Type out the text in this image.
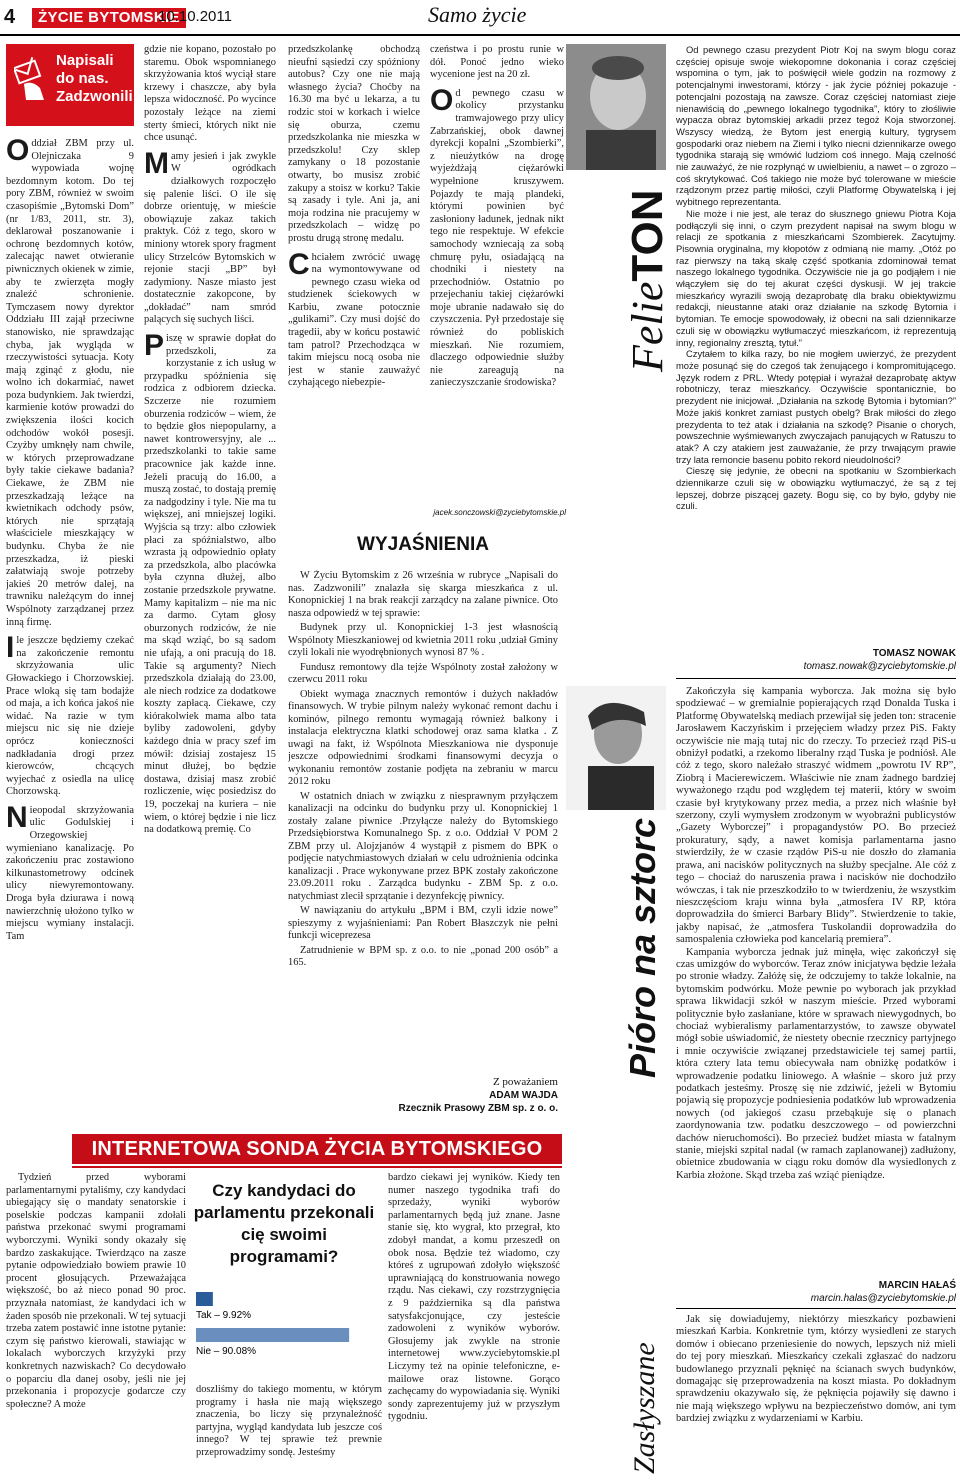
4	ŻYCIE BYTOMSKIE
10.10.2011	Samo życie
Napisali
do nas.
Zadzwonili

Oddział ZBM przy ul. Olejniczaka 9 wypowiada wojnę bezdomnym kotom. Do tej pory ZBM, również w swoim czasopiśmie „Bytomski Dom” (nr 1/83, 2011, str. 3), deklarował poszanowanie i ochronę bezdomnych kotów, zalecając nawet otwieranie piwnicznych okienek w zimie, aby te zwierzęta mogły znaleźć schronienie. Tymczasem nowy dyrektor Oddziału III zajął przeciwne stanowisko, nie sprawdzając chyba, jak wygląda w rzeczywistości sytuacja. Koty mają zginąć z głodu, nie wolno ich dokarmiać, nawet poza budynkiem. Jak twierdzi, karmienie kotów prowadzi do zwiększenia ilości kocich odchodów wokół posesji. Czyżby umknęły nam chwile, w których przeprowadzane były takie ciekawe badania? Ciekawe, że ZBM nie przeszkadzają leżące na kwietnikach odchody psów, których nie sprzątają właściciele mieszkający w budynku. Chyba że nie przeszkadza, iż pieski załatwiają swoje potrzeby jakieś 20 metrów dalej, na trawniku należącym do innej Wspólnoty zarządzanej przez inną firmę.

Ile jeszcze będziemy czekać na zakończenie remontu skrzyżowania ulic Głowackiego i Chorzowskiej. Prace wloką się tam bodajże od maja, a ich końca jakoś nie widać. Na razie w tym miejscu nic się nie dzieje oprócz konieczności nadkładania drogi przez kierowców, chcących wyjechać z osiedla na ulicę Chorzowską.

Nieopodal skrzyżowania ulic Godulskiej i Orzegowskiej wymieniano kanalizację. Po zakończeniu prac zostawiono kilkunastometrowy odcinek ulicy niewyremontowany. Droga była dziurawa i nową nawierzchnię ułożono tylko w miejscu wymiany instalacji. Tam

gdzie nie kopano, pozostało po staremu. Obok wspomnianego skrzyżowania ktoś wyciął stare krzewy i chaszcze, aby była lepsza widoczność. Po wycince pozostały leżące na ziemi sterty śmieci, których nikt nie chce usunąć.

Mamy jesień i jak zwykle W ogródkach działkowych rozpoczęło się palenie liści. O ile się dobrze orientuję, w mieście obowiązuje zakaz takich praktyk. Cóż z tego, skoro w miniony wtorek spory fragment ulicy Strzelców Bytomskich w rejonie stacji „BP” był zadymiony. Nasze miasto jest dostatecznie zakopcone, by „dokładać” nam smród palących się suchych liści.

Piszę w sprawie dopłat do przedszkoli, za korzystanie z ich usług w przypadku spóźnienia się rodzica z odbiorem dziecka. Szczerze nie rozumiem oburzenia rodziców – wiem, że to będzie głos niepopularny, a nawet kontrowersyjny, ale ... przedszkolanki to takie same pracownice jak każde inne. Jeżeli pracują do 16.00, a muszą zostać, to dostają premię za nadgodziny i tyle. Nie ma tu większej, ani mniejszej logiki. Wyjścia są trzy: albo człowiek płaci za spóźnialstwo, albo wzrasta ją odpowiednio opłaty za przedszkola, albo placówka była czynna dłużej, albo zostanie przedszkole prywatne. Mamy kapitalizm – nie ma nic za darmo. Cytam głosy oburzonych rodziców, że nie ma skąd wziąć, bo są sadom nie ufają, a oni pracują do 18. Takie są argumenty? Niech przedszkola działają do 23.00, ale niech rodzice za dodatkowe koszty zapłacą. Ciekawe, czy kiórakolwiek mama albo tata byliby zadowoleni, gdyby każdego dnia w pracy szef im mówił: dzisiaj zostajesz 15 minut dłużej, bo będzie dostawa, dzisiaj masz zrobić rozliczenie, więc posiedzisz do 19, poczekaj na kuriera – nie wiem, o której będzie i nie licz na dodatkową premię. Co

przedszkolankę obchodzą nieufni sąsiedzi czy spóźniony autobus? Czy one nie mają własnego życia? Choćby na 16.30 ma być u lekarza, a tu rodzic stoi w korkach i wielce się oburza, czemu przedszkolanka nie mieszka w przedszkolu! Czy sklep zamykany o 18 pozostanie otwarty, bo musisz zrobić zakupy a stoisz w korku? Takie są zasady i tyle. Ani ja, ani moja rodzina nie pracujemy w przedszkolach – widzę po prostu drugą stronę medalu.

Chciałem zwrócić uwagę na wymontowywane od pewnego czasu wieka od studzienek ściekowych w Karbiu, zwane potocznie „gulikami”. Czy musi dojść do tragedii, aby w końcu postawić tam patrol? Przechodząca w takim miejscu nocą osoba nie jest w stanie zauważyć czyhającego niebezpie-

czeństwa i po prostu runie w dół. Ponoć jedno wieko wycenione jest na 20 zł.

Od pewnego czasu w okolicy przystanku tramwajowego przy ulicy Zabrzańskiej, obok dawnej dyrekcji kopalni „Szombierki”, z nieużytków na drogę wyjeżdżają ciężarówki wypełnione kruszywem. Pojazdy te mają plandeki, którymi powinien być zasłoniony ładunek, jednak nikt tego nie respektuje. W efekcie samochody wzniecają za sobą chmurę pyłu, osiadającą na chodniki i niestety na przechodniów. Ostatnio po przejechaniu takiej ciężarówki moje ubranie nadawało się do czyszczenia. Pył przedostaje się również do pobliskich mieszkań. Nie rozumiem, dlaczego odpowiednie służby nie zareagują na zanieczyszczanie środowiska?

jacek.sonczowski@zyciebytomskie.pl
WYJAŚNIENIA

W Życiu Bytomskim z 26 września w rubryce „Napisali do nas. Zadzwonili” znalazła się skarga mieszkańca z ul. Konopnickiej 1 na brak reakcji zarządcy na zalane piwnice. Oto nasza odpowiedź w tej sprawie:

Budynek przy ul. Konopnickiej 1-3 jest własnością Wspólnoty Mieszkaniowej od kwietnia 2011 roku ,udział Gminy czyli lokali nie wyodrębnionych wynosi 87 % .

Fundusz remontowy dla tejże Wspólnoty został założony w czerwcu 2011 roku

Obiekt wymaga znacznych remontów i dużych nakładów finansowych. W trybie pilnym należy wykonać remont dachu i kominów, pilnego remontu wymagają również balkony i instalacja elektryczna klatki schodowej oraz sama klatka . Z uwagi na fakt, iż Wspólnota Mieszkaniowa nie dysponuje jeszcze odpowiednimi środkami finansowymi decyzja o wykonaniu remontów zostanie podjęta na zebraniu w marcu 2012 roku

W ostatnich dniach w związku z niesprawnym przyłączem kanalizacji na odcinku do budynku przy ul. Konopnickiej 1 zostały zalane piwnice .Przyłącze należy do Bytomskiego Przedsiębiorstwa Komunalnego Sp. z o.o. Oddział V POM 2 ZBM przy ul. Alojzjanów 4 wystąpił z pismem do BPK o podjęcie natychmiastowych działań w celu udrożnienia odcinka kanalizacji . Prace wykonywane przez BPK zostały zakończone 23.09.2011 roku . Zarządca budynku - ZBM Sp. z o.o. natychmiast zlecił sprzątanie i dezynfekcję piwnicy.

W nawiązaniu do artykułu „BPM i BM, czyli idzie nowe” spieszymy z wyjaśnieniami: Pan Robert Błaszczyk nie pełni funkcji wiceprezesa

Zatrudnienie w BPM sp. z o.o. to nie „ponad 200 osób” a 165.

Z poważaniem
ADAM WAJDA
Rzecznik Prasowy ZBM sp. z o. o.
FelieTON
Pióro na sztorc
Zasłyszane

Od pewnego czasu prezydent Piotr Koj na swym blogu coraz częściej opisuje swoje wiekopomne dokonania i coraz częściej wspomina o tym, jak to poświęcił wiele godzin na rozmowy z potencjalnymi inwestorami, którzy - jak życie później pokazuje - potencjalni pozostają na zawsze. Coraz częściej natomiast zieje nienawiścią do „pewnego lokalnego tygodnika”, który to złośliwie wypacza obraz bytomskiej arkadii przez tegoż Koja stworzonej. Wszyscy wiedzą, że Bytom jest energią kultury, tygrysem gospodarki oraz niebem na Ziemi i tylko niecni dziennikarze owego tygodnika starają się wmówić ludziom coś innego. Mają czelność nie zauważyć, że nie rozpłynąć w uwielbieniu, a nawet – o zgrozo – coś skrytykować. Coś takiego nie może być tolerowane w mieście rządzonym przez partię miłości, czyli Platformę Obywatelską i jej wybitnego reprezentanta.

Nie może i nie jest, ale teraz do słusznego gniewu Piotra Koja podłączyli się inni, o czym prezydent napisał na swym blogu w relacji ze spotkania z mieszkańcami Szombierek. Zacytujmy. Pisownia oryginalna, my kłopotów z odmianą nie mamy. „Otóż po raz pierwszy na taką skalę część spotkania zdominował temat naszego lokalnego tygodnika. Oczywiście nie ja go podjąłem i nie włączyłem się do tej akurat części dyskusji. W jej trakcie mieszkańcy wyrazili swoją dezaprobatę dla braku obiektywizmu redakcji, nieustanne ataki oraz działanie na szkodę Bytomia i bytomian. Te emocje spowodowały, iż obecni na sali dziennikarze czuli się w obowiązku wytłumaczyć mieszkańcom, iż reprezentują inny, regionalny zresztą, tytuł.”

Czytałem to kilka razy, bo nie mogłem uwierzyć, że prezydent może posunąć się do czegoś tak żenującego i kompromitującego. Język rodem z PRL. Wtedy potępiał i wyrażał dezaprobatę aktyw robotniczy, teraz mieszkańcy. Oczywiście spontanicznie, bo prezydent nie inicjował. „Działania na szkodę Bytomia i bytomian?” Może jakiś konkret zamiast pustych obelg? Brak miłości do złego prezydenta to też atak i działania na szkodę? Pisanie o chorych, powszechnie wyśmiewanych zwyczajach panujących w Ratuszu to atak? A czy atakiem jest zauważanie, że przy trwającym prawie trzy lata remoncie basenu pobito rekord nieudolności?

Cieszę się jedynie, że obecni na spotkaniu w Szombierkach dziennikarze czuli się w obowiązku wytłumaczyć, że są z tej lepszej, dobrze piszącej gazety. Bogu się, co by było, gdyby nie czuli.

TOMASZ NOWAK
tomasz.nowak@zyciebytomskie.pl

Zakończyła się kampania wyborcza. Jak można się było spodziewać – w gremialnie popierających rząd Donalda Tuska i Platformę Obywatelską mediach przewijał się jeden ton: stracenie Jarosławem Kaczyńskim i przejęciem władzy przez PiS. Fakty oczywiście nie mają tutaj nic do rzeczy. To przecież rząd PiS-u obniżył podatki, a rzekomo liberalny rząd Tuska je podniósł. Ale cóż z tego, skoro należało straszyć widmem „powrotu IV RP”, Ziobrą i Macierewiczem. Właściwie nie znam żadnego bardziej wyważonego rządu pod względem tej materii, który w swoim czasie był krytykowany przez media, a przez nich właśnie był szerzony, czyli wymysłem zrodzonym w wyobraźni publicystów „Gazety Wyborczej” i propagandystów PO. Bo przecież prokuratury, sądy, a nawet komisja parlamentarna jasno stwierdziły, że w czasie rządów PiS-u nie doszło do złamania prawa, ani nacisków politycznych na służby specjalne. Ale cóż z tego – chociaż do naruszenia prawa i nacisków nie dochodziło wówczas, i tak nie przeszkodziło to w twierdzeniu, że wszystkim nieszczęściom kraju winna była „atmosfera IV RP, która doprowadziła do śmierci Barbary Blidy”. Stwierdzenie to takie, jakby napisać, że „atmosfera Tuskolandii doprowadziła do samospalenia człowieka pod kancelarią premiera”.

Kampania wyborcza jednak już minęła, więc zakończył się czas umizgów do wyborców. Teraz znów inicjatywa będzie leżała po stronie władzy. Załóżę się, że odczujemy to także lokalnie, na bytomskim podwórku. Może pewnie po wyborach jak przykład sprawa likwidacji szkół w naszym mieście. Przed wyborami politycznie było zasłaniane, które w sprawach niewygodnych, bo chociaż wybieralismy parlamentarzystów, to zawsze obywatel mógł sobie uświadomić, że niestety obecnie rzecznicy partyjnego i mnie oczywiście związanej przedstawiciele tej samej partii, która cztery lata temu obiecywała nam obniżkę podatków i wprowadzenie podatku liniowego. A właśnie – skoro już przy podatkach jesteśmy. Proszę się nie zdziwić, jeżeli w Bytomiu pojawią się propozycje podniesienia podatków lub wprowadzenia nowych (od jakiegoś czasu przebąkuje się o planach zaordynowania tzw. podatku deszczowego – od powierzchni dachów nieruchomości). Bo przecież budżet miasta w fatalnym stanie, miejski szpital nadal (w ramach zaplanowanej) zadłużony, obietnice zbudowania w ciągu roku domów dla wysiedlonych z Karbia złożone. Skąd trzeba zaś wziąć pieniądze.

MARCIN HAŁAŚ
marcin.halas@zyciebytomskie.pl

Jak się dowiadujemy, niektórzy mieszkańcy pozbawieni mieszkań Karbia. Konkretnie tym, którzy wysiedleni ze starych domów i obiecano przeniesienie do nowych, lepszych niż mieli do tej pory mieszkań. Mieszkańcy czekali zgłaszać do nadzoru budowlanego przyznali pęknięć na ścianach swych budynków, domagając się przeprowadzenia na koszt miasta. Po dokładnym sprawdzeniu okazywało się, że pęknięcia pojawiły się dawno i nie mają większego wpływu na bezpieczeństwo domów, ani tym bardziej związku z wydarzeniami w Karbiu.

INTERNETOWA SONDA ŻYCIA BYTOMSKIEGO

Tydzień przed wyborami parlamentarnymi pytaliśmy, czy kandydaci ubiegający się o mandaty senatorskie i poselskie podczas kampanii zdołali państwa przekonać swymi programami wyborczymi. Wyniki sondy okazały się bardzo zaskakujące. Twierdząco na zasze pytanie odpowiedziało bowiem prawie 10 procent głosujących. Przeważająca większość, bo aż nieco ponad 90 proc. przyznała natomiast, że kandydaci ich w żaden sposób nie przekonali. W tej sytuacji trzeba zatem postawić inne istotne pytanie: czym się państwo kierowali, stawiając w lokalach wyborczych krzyżyki przy konkretnych nazwiskach? Co decydowało o poparciu dla danej osoby, jeśli nie jej przekonania i propozycje godarcze czy społeczne? A może

Czy kandydaci do parlamentu przekonali cię swoimi programami?
Tak – 9.92%
Nie – 90.08%

doszliśmy do takiego momentu, w którym programy i hasła nie mają większego znaczenia, bo liczy się przynależność partyjna, wygląd kandydata lub jeszcze coś innego? W tej sprawie też prewnie przeprowadzimy sondę. Jesteśmy

bardzo ciekawi jej wyników. Kiedy ten numer naszego tygodnika trafi do sprzedaży, wyniki wyborów parlamentarnych będą już znane. Jasne stanie się, kto wygrał, kto przegrał, kto zdobył mandat, a komu przeszedł on obok nosa. Będzie też wiadomo, czy któreś z ugrupowań zdołyło większość uprawniającą do konstruowania nowego rządu. Nas ciekawi, czy rozstrzygnięcia z 9 października są dla państwa satysfakcjonujące, czy jesteście zadowoleni z wyników wyborów. Głosujemy jak zwykle na stronie internetowej www.zyciebytomskie.pl Liczymy też na opinie telefoniczne, e-mailowe oraz listowne. Gorąco zachęcamy do wypowiadania się. Wyniki sondy zaprezentujemy już w przyszłym tygodniu.
